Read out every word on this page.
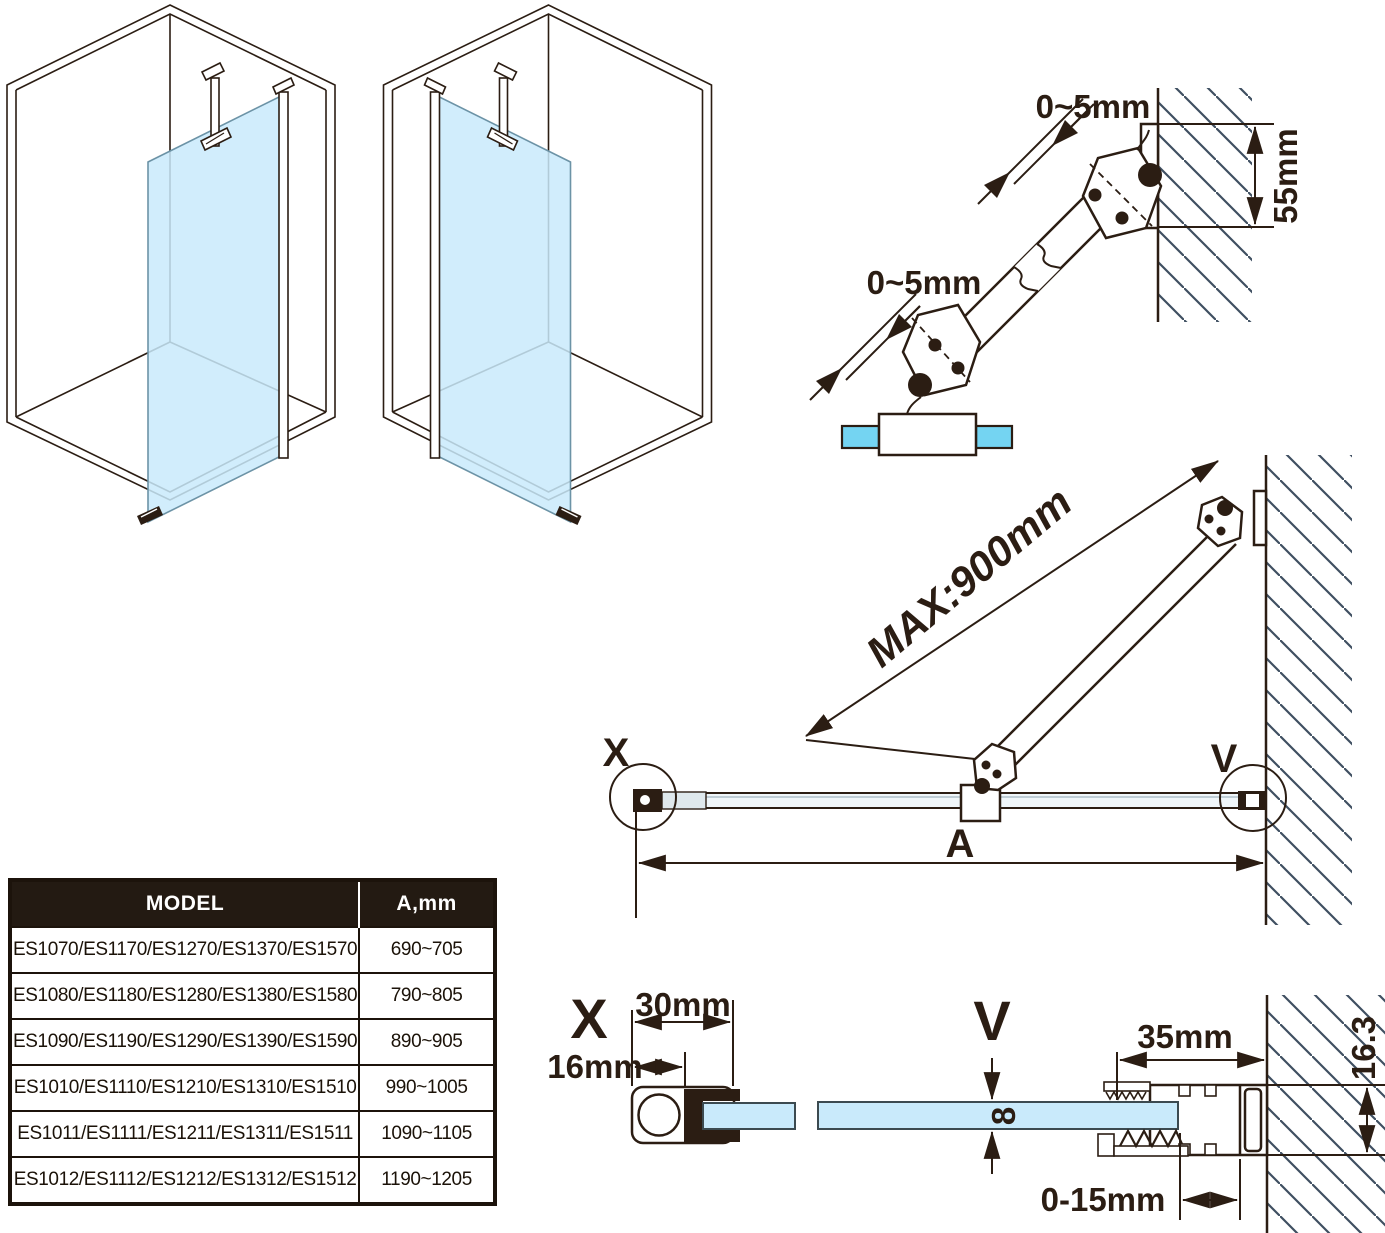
0~5mm
0~5mm
55mm
X	V
MAX:900mm
A
X 30mm
16mm
V	35mm
8
16.3
0-15mm
MODEL	A,mm
ES1070/ES1170/ES1270/ES1370/ES1570	690~705
ES1080/ES1180/ES1280/ES1380/ES1580	790~805
ES1090/ES1190/ES1290/ES1390/ES1590	890~905
ES1010/ES1110/ES1210/ES1310/ES1510	990~1005
ES1011/ES1111/ES1211/ES1311/ES1511	1090~1105
ES1012/ES1112/ES1212/ES1312/ES1512	1190~1205
